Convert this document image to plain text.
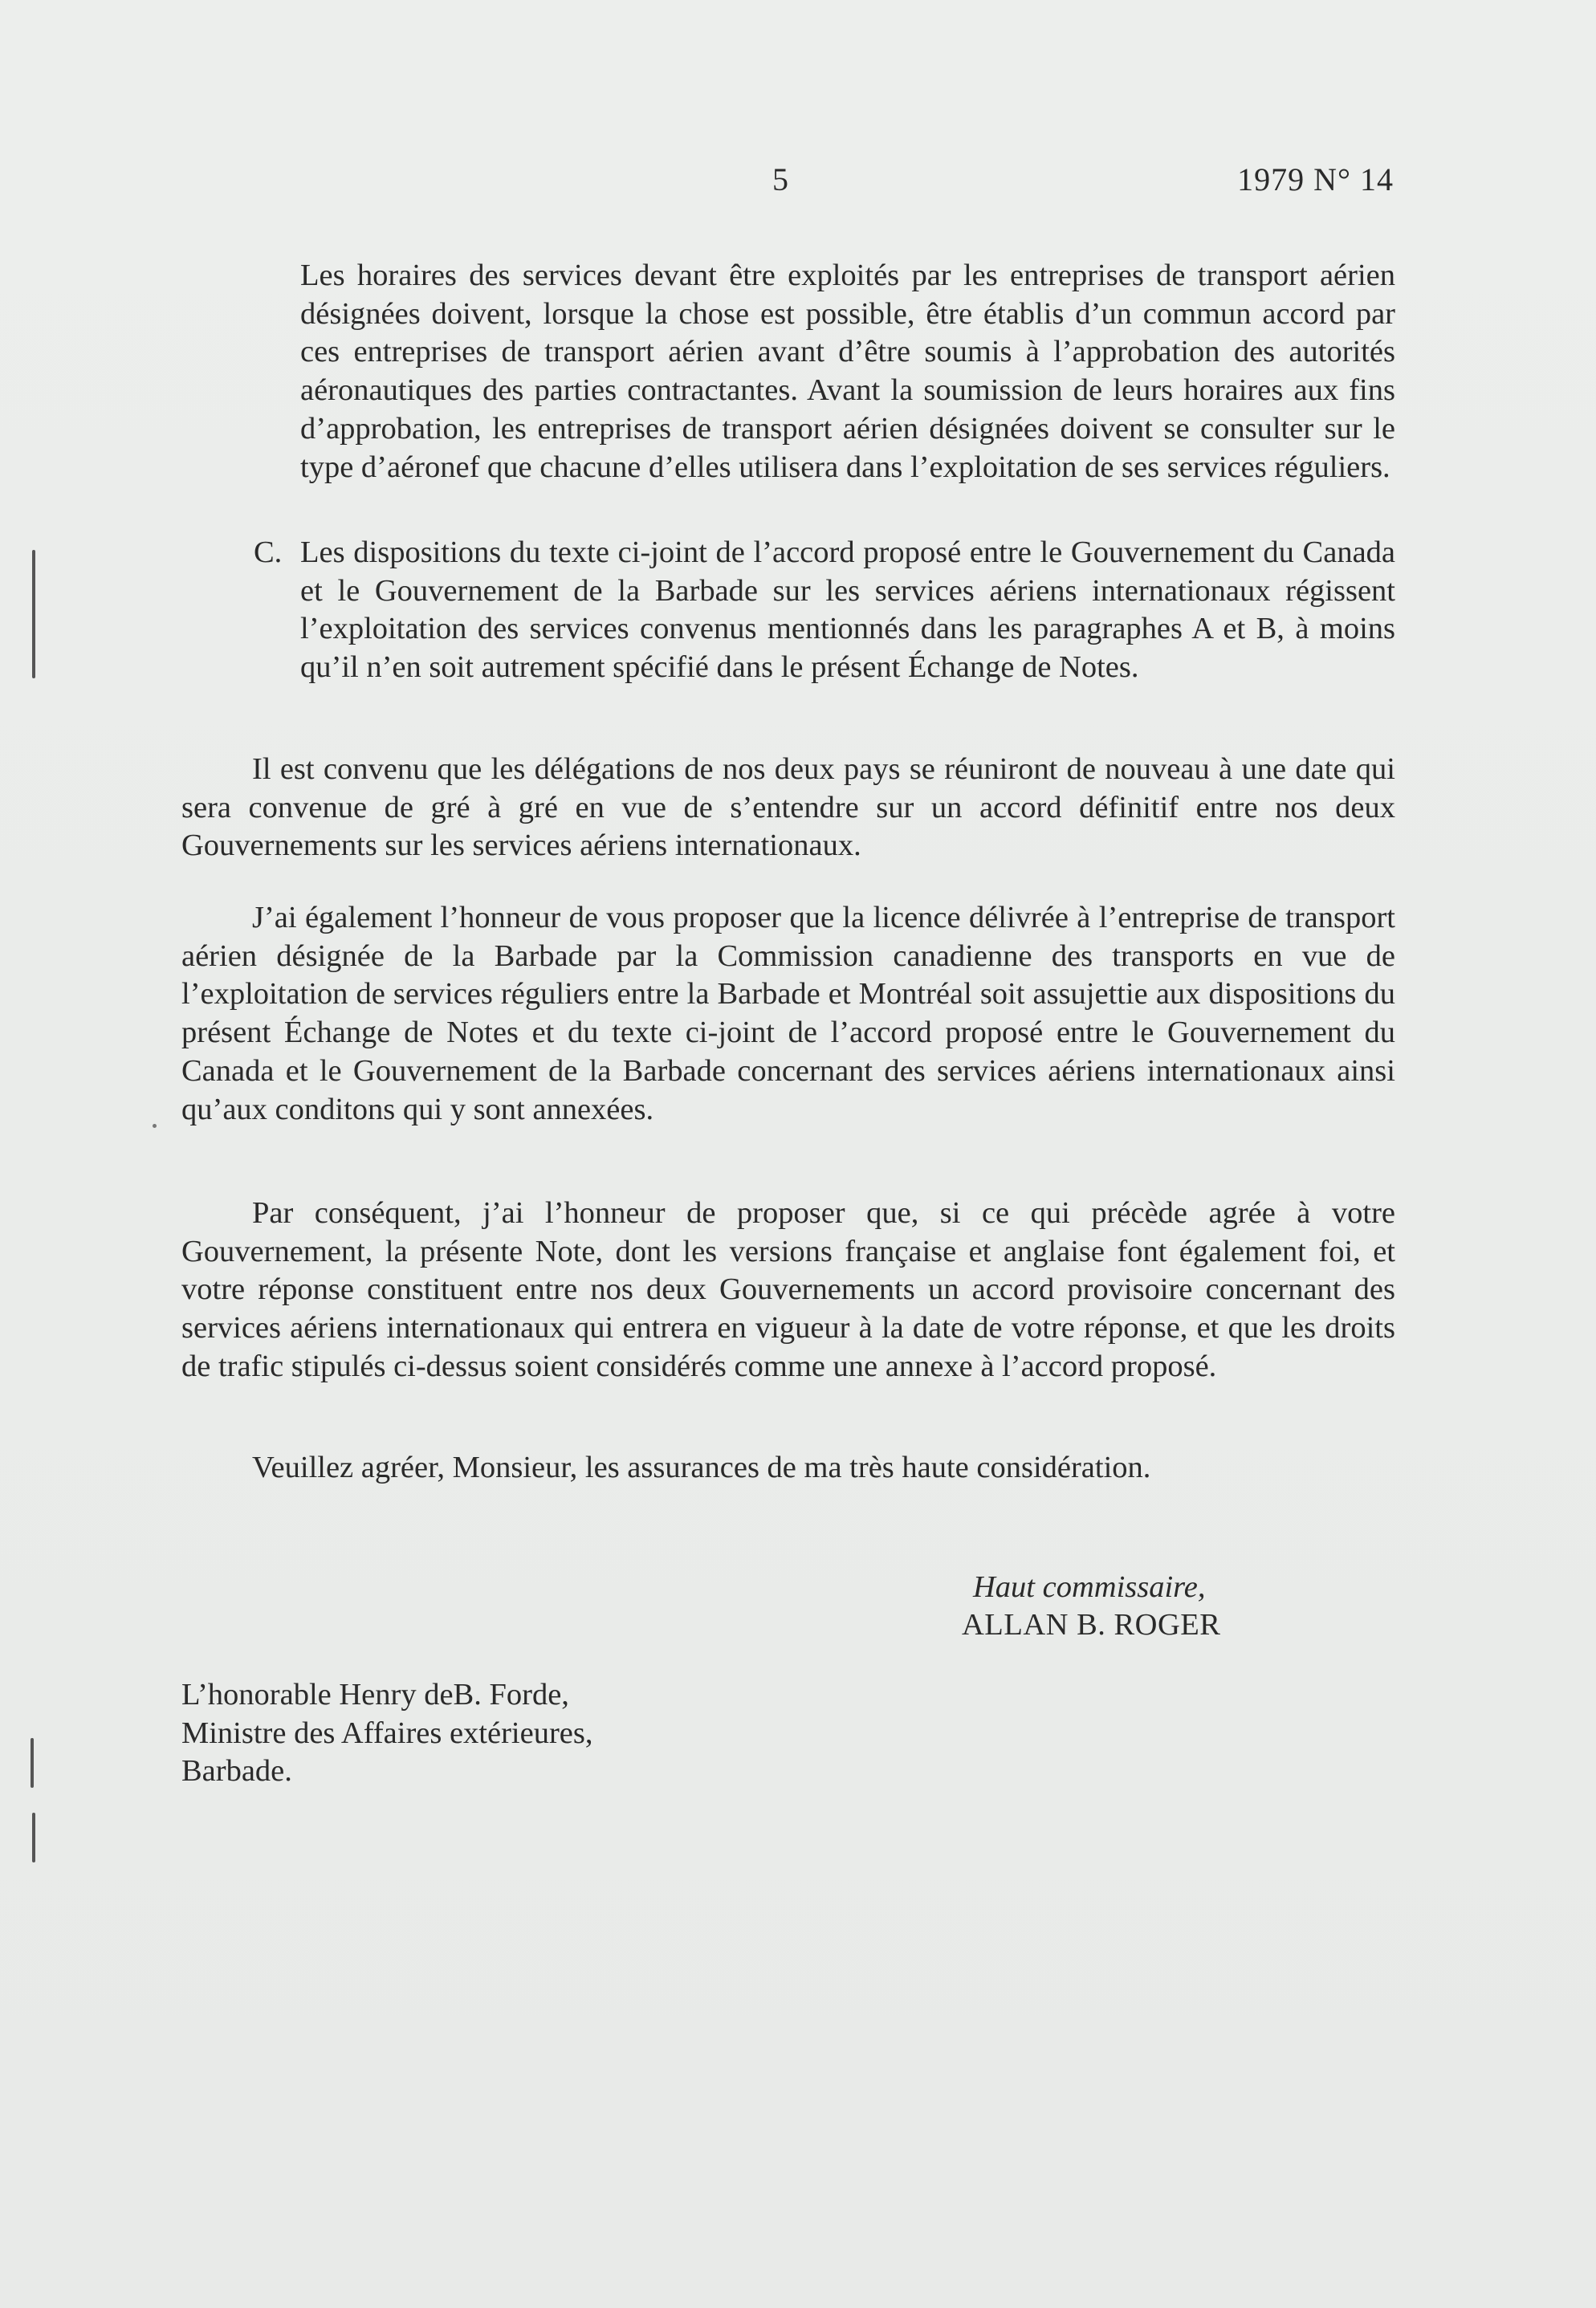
5	1979 N° 14

Les horaires des services devant être exploités par les entreprises de transport aérien désignées doivent, lorsque la chose est possible, être établis d’un commun accord par ces entreprises de transport aérien avant d’être soumis à l’approbation des autorités aéronautiques des parties contractantes. Avant la soumission de leurs horaires aux fins d’approbation, les entreprises de transport aérien désignées doivent se consulter sur le type d’aéronef que chacune d’elles utilisera dans l’exploitation de ses services réguliers.

C. Les dispositions du texte ci-joint de l’accord proposé entre le Gouvernement du Canada et le Gouvernement de la Barbade sur les services aériens internationaux régissent l’exploitation des services convenus mentionnés dans les paragraphes A et B, à moins qu’il n’en soit autrement spécifié dans le présent Échange de Notes.

Il est convenu que les délégations de nos deux pays se réuniront de nouveau à une date qui sera convenue de gré à gré en vue de s’entendre sur un accord définitif entre nos deux Gouvernements sur les services aériens internationaux.

J’ai également l’honneur de vous proposer que la licence délivrée à l’entreprise de transport aérien désignée de la Barbade par la Commission canadienne des transports en vue de l’exploitation de services réguliers entre la Barbade et Montréal soit assujettie aux dispositions du présent Échange de Notes et du texte ci-joint de l’accord proposé entre le Gouvernement du Canada et le Gouvernement de la Barbade concernant des services aériens internationaux ainsi qu’aux conditons qui y sont annexées.

Par conséquent, j’ai l’honneur de proposer que, si ce qui précède agrée à votre Gouvernement, la présente Note, dont les versions française et anglaise font également foi, et votre réponse constituent entre nos deux Gouvernements un accord provisoire concernant des services aériens internationaux qui entrera en vigueur à la date de votre réponse, et que les droits de trafic stipulés ci-dessus soient considérés comme une annexe à l’accord proposé.

Veuillez agréer, Monsieur, les assurances de ma très haute considération.

Haut commissaire,
ALLAN B. ROGER
L’honorable Henry deB. Forde,
Ministre des Affaires extérieures,
Barbade.
